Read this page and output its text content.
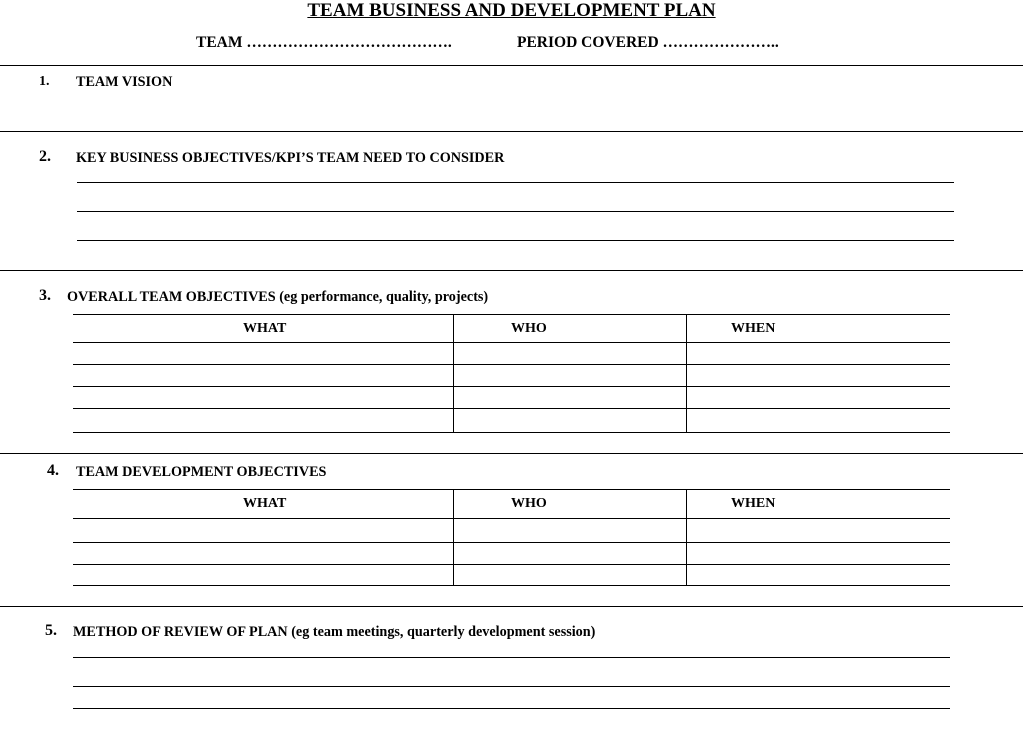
TEAM BUSINESS AND DEVELOPMENT PLAN
TEAM ………………………………….	PERIOD COVERED …………………..
1. TEAM VISION
2. KEY BUSINESS OBJECTIVES/KPI’S TEAM NEED TO CONSIDER
3. OVERALL TEAM OBJECTIVES (eg performance, quality, projects)
WHAT	WHO	WHEN
4. TEAM DEVELOPMENT OBJECTIVES
WHAT	WHO	WHEN
5. METHOD OF REVIEW OF PLAN (eg team meetings, quarterly development session)
